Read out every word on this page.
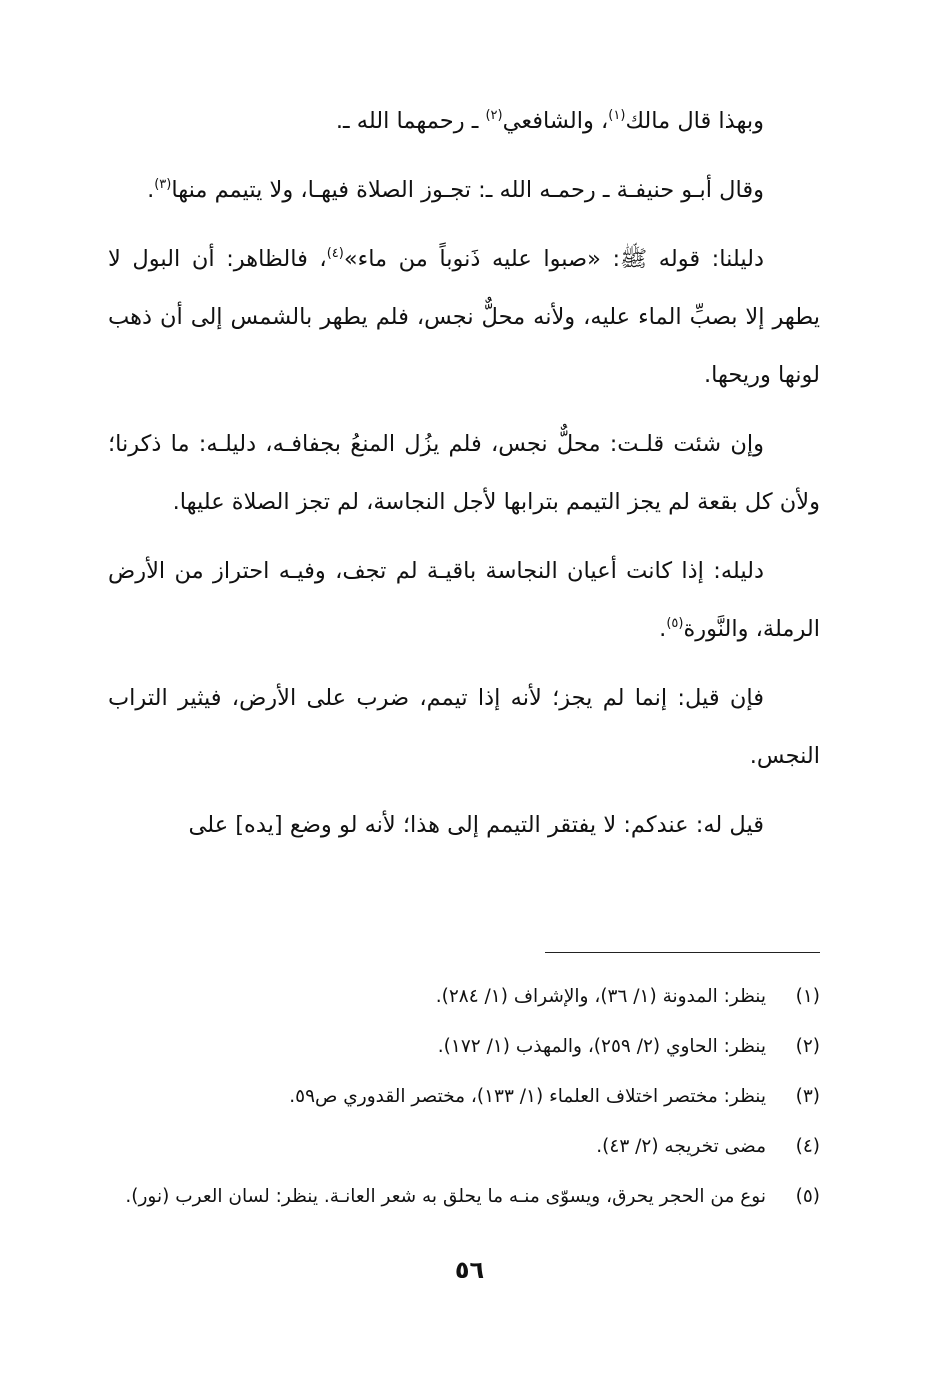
وبهذا قال مالك$^{(١)}$، والشافعي$^{(٢)}$ ـ رحمهما الله ـ.

وقال أبـو حنيفـة ـ رحمـه الله ـ: تجـوز الصلاة فيهـا، ولا يتيمم منها$^{(٣)}$.

دليلنا: قوله ﷺ: «صبوا عليه ذَنوباً من ماء»$^{(٤)}$، فالظاهر: أن البول لا يطهر إلا بصبِّ الماء عليه، ولأنه محلٌّ نجس، فلم يطهر بالشمس إلى أن ذهب لونها وريحها.

وإن شئت قلـت: محلٌّ نجس، فلم يزُل المنعُ بجفافـه، دليلـه: ما ذكرنا؛ ولأن كل بقعة لم يجز التيمم بترابها لأجل النجاسة، لم تجز الصلاة عليها.

دليله: إذا كانت أعيان النجاسة باقيـة لم تجف، وفيـه احتراز من الأرض الرملة، والنَّورة$^{(٥)}$.

فإن قيل: إنما لم يجز؛ لأنه إذا تيمم، ضرب على الأرض، فيثير التراب النجس.

قيل له: عندكم: لا يفتقر التيمم إلى هذا؛ لأنه لو وضع [يده] على

(١)
ينظر: المدونة (١/ ٣٦)، والإشراف (١/ ٢٨٤).
(٢)
ينظر: الحاوي (٢/ ٢٥٩)، والمهذب (١/ ١٧٢).
(٣)
ينظر: مختصر اختلاف العلماء (١/ ١٣٣)، مختصر القدوري ص٥٩.
(٤)
مضى تخريجه (٢/ ٤٣).
(٥)
نوع من الحجر يحرق، ويسوّى منـه ما يحلق به شعر العانـة. ينظر: لسان العرب (نور).
٥٦
